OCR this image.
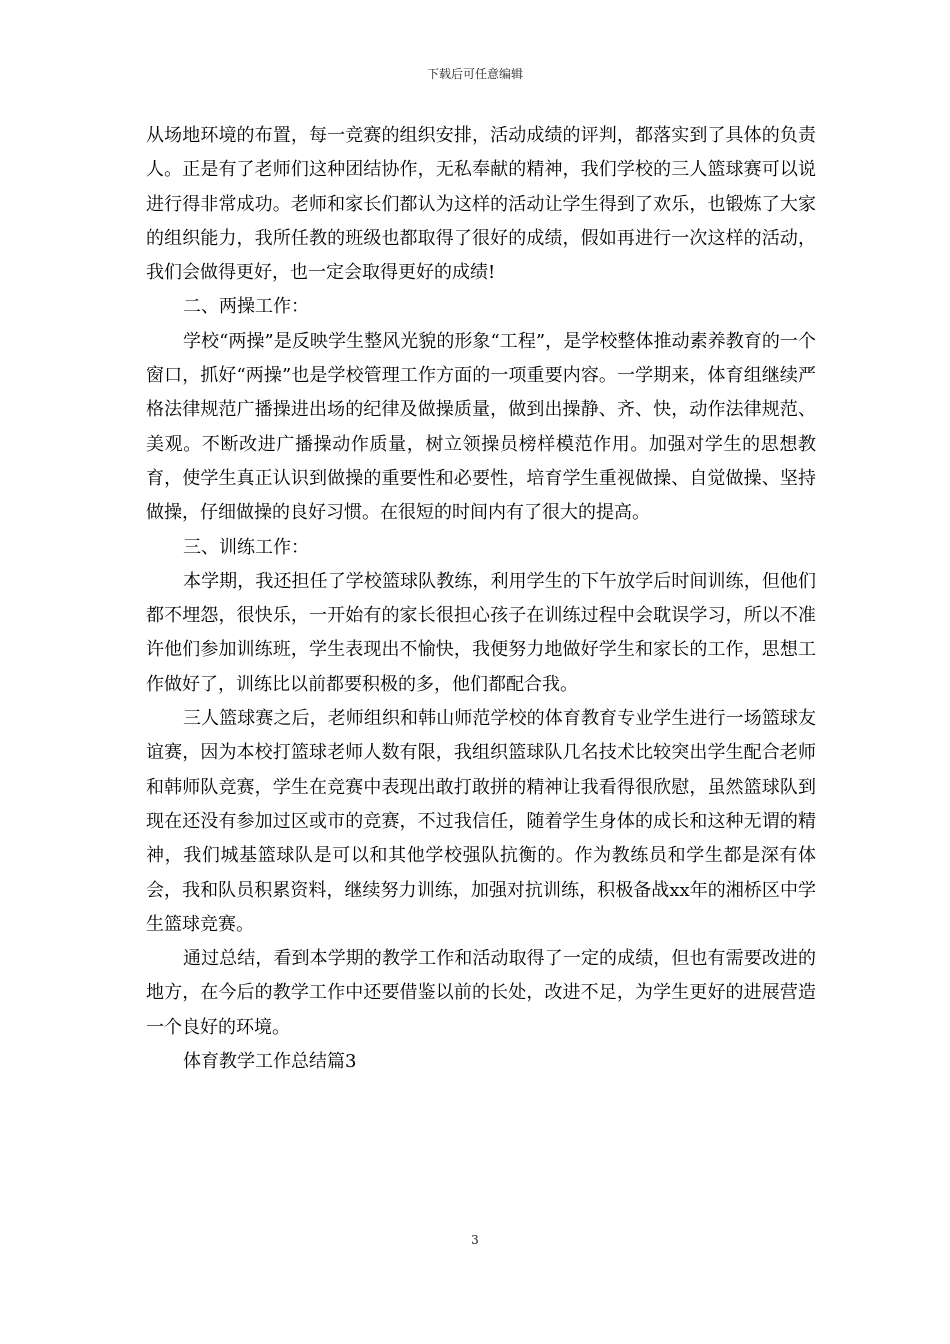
下载后可任意编辑

从场地环境的布置，每一竞赛的组织安排，活动成绩的评判，都落实到了具体的负责人。正是有了老师们这种团结协作，无私奉献的精神，我们学校的三人篮球赛可以说进行得非常成功。老师和家长们都认为这样的活动让学生得到了欢乐，也锻炼了大家的组织能力，我所任教的班级也都取得了很好的成绩，假如再进行一次这样的活动，我们会做得更好，也一定会取得更好的成绩!

二、两操工作：

学校“两操”是反映学生整风光貌的形象“工程”，是学校整体推动素养教育的一个窗口，抓好“两操”也是学校管理工作方面的一项重要内容。一学期来，体育组继续严格法律规范广播操进出场的纪律及做操质量，做到出操静、齐、快，动作法律规范、美观。不断改进广播操动作质量，树立领操员榜样模范作用。加强对学生的思想教育，使学生真正认识到做操的重要性和必要性，培育学生重视做操、自觉做操、坚持做操，仔细做操的良好习惯。在很短的时间内有了很大的提高。

三、训练工作：

本学期，我还担任了学校篮球队教练，利用学生的下午放学后时间训练，但他们都不埋怨，很快乐，一开始有的家长很担心孩子在训练过程中会耽误学习，所以不准许他们参加训练班，学生表现出不愉快，我便努力地做好学生和家长的工作，思想工作做好了，训练比以前都要积极的多，他们都配合我。

三人篮球赛之后，老师组织和韩山师范学校的体育教育专业学生进行一场篮球友谊赛，因为本校打篮球老师人数有限，我组织篮球队几名技术比较突出学生配合老师和韩师队竞赛，学生在竞赛中表现出敢打敢拼的精神让我看得很欣慰，虽然篮球队到现在还没有参加过区或市的竞赛，不过我信任，随着学生身体的成长和这种无谓的精神，我们城基篮球队是可以和其他学校强队抗衡的。作为教练员和学生都是深有体会，我和队员积累资料，继续努力训练，加强对抗训练，积极备战xx年的湘桥区中学生篮球竞赛。

通过总结，看到本学期的教学工作和活动取得了一定的成绩，但也有需要改进的地方，在今后的教学工作中还要借鉴以前的长处，改进不足，为学生更好的进展营造一个良好的环境。

体育教学工作总结篇3

3
